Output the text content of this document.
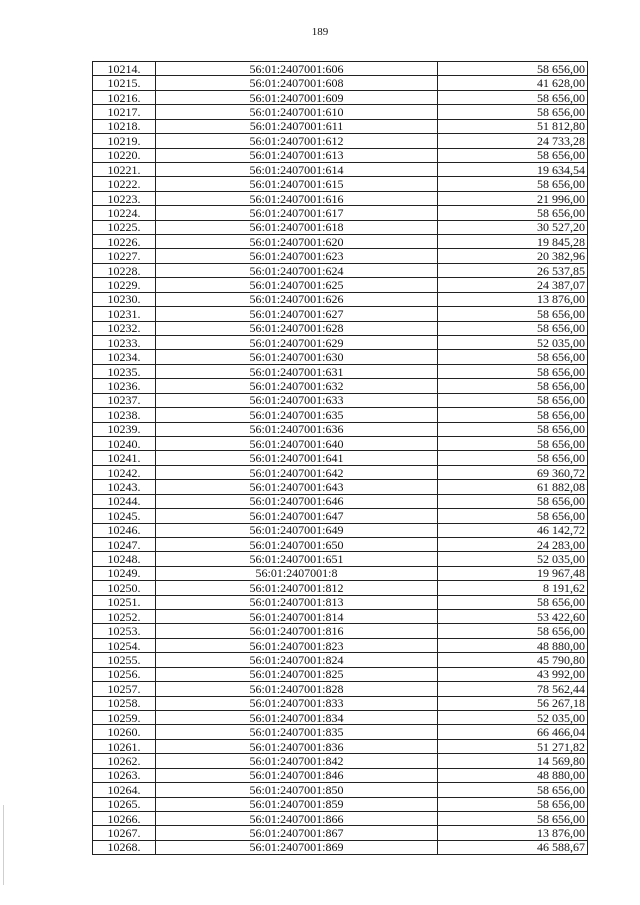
189
10214.	56:01:2407001:606	58 656,00
10215.	56:01:2407001:608	41 628,00
10216.	56:01:2407001:609	58 656,00
10217.	56:01:2407001:610	58 656,00
10218.	56:01:2407001:611	51 812,80
10219.	56:01:2407001:612	24 733,28
10220.	56:01:2407001:613	58 656,00
10221.	56:01:2407001:614	19 634,54
10222.	56:01:2407001:615	58 656,00
10223.	56:01:2407001:616	21 996,00
10224.	56:01:2407001:617	58 656,00
10225.	56:01:2407001:618	30 527,20
10226.	56:01:2407001:620	19 845,28
10227.	56:01:2407001:623	20 382,96
10228.	56:01:2407001:624	26 537,85
10229.	56:01:2407001:625	24 387,07
10230.	56:01:2407001:626	13 876,00
10231.	56:01:2407001:627	58 656,00
10232.	56:01:2407001:628	58 656,00
10233.	56:01:2407001:629	52 035,00
10234.	56:01:2407001:630	58 656,00
10235.	56:01:2407001:631	58 656,00
10236.	56:01:2407001:632	58 656,00
10237.	56:01:2407001:633	58 656,00
10238.	56:01:2407001:635	58 656,00
10239.	56:01:2407001:636	58 656,00
10240.	56:01:2407001:640	58 656,00
10241.	56:01:2407001:641	58 656,00
10242.	56:01:2407001:642	69 360,72
10243.	56:01:2407001:643	61 882,08
10244.	56:01:2407001:646	58 656,00
10245.	56:01:2407001:647	58 656,00
10246.	56:01:2407001:649	46 142,72
10247.	56:01:2407001:650	24 283,00
10248.	56:01:2407001:651	52 035,00
10249.	56:01:2407001:8	19 967,48
10250.	56:01:2407001:812	8 191,62
10251.	56:01:2407001:813	58 656,00
10252.	56:01:2407001:814	53 422,60
10253.	56:01:2407001:816	58 656,00
10254.	56:01:2407001:823	48 880,00
10255.	56:01:2407001:824	45 790,80
10256.	56:01:2407001:825	43 992,00
10257.	56:01:2407001:828	78 562,44
10258.	56:01:2407001:833	56 267,18
10259.	56:01:2407001:834	52 035,00
10260.	56:01:2407001:835	66 466,04
10261.	56:01:2407001:836	51 271,82
10262.	56:01:2407001:842	14 569,80
10263.	56:01:2407001:846	48 880,00
10264.	56:01:2407001:850	58 656,00
10265.	56:01:2407001:859	58 656,00
10266.	56:01:2407001:866	58 656,00
10267.	56:01:2407001:867	13 876,00
10268.	56:01:2407001:869	46 588,67
